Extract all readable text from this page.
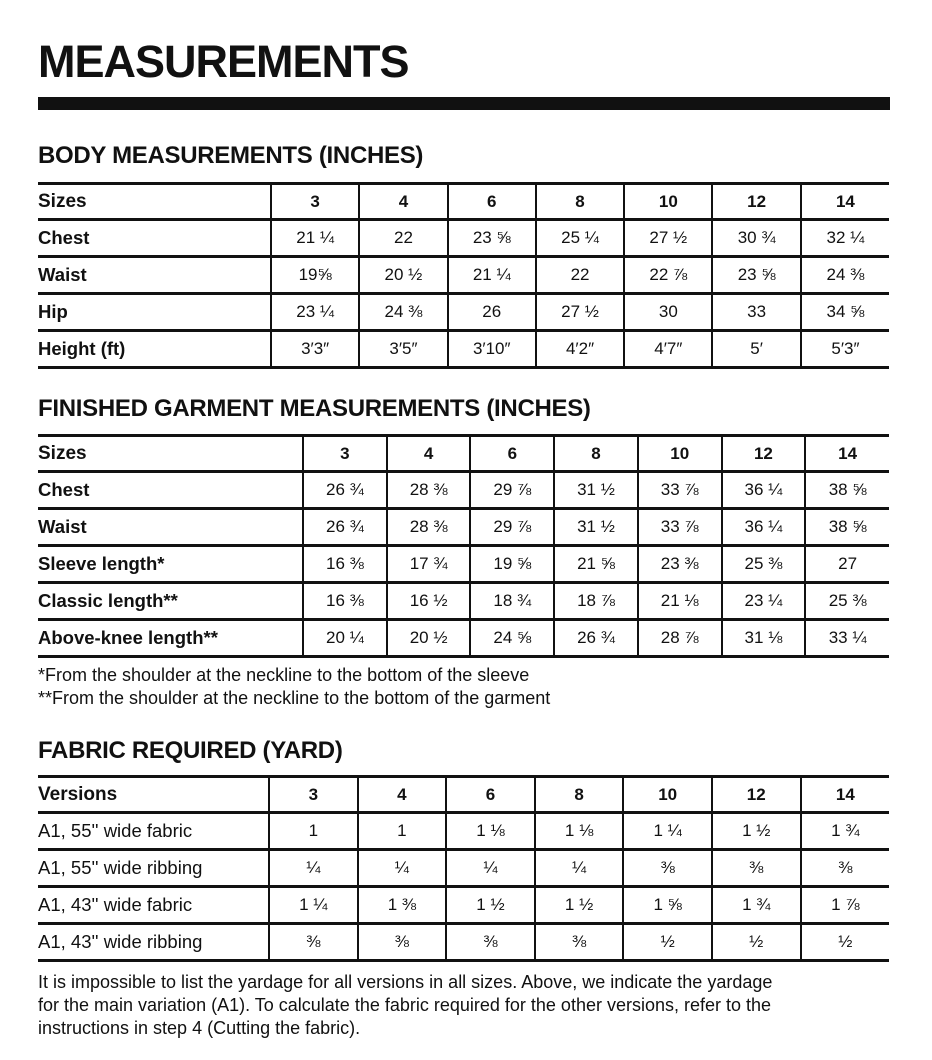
MEASUREMENTS
BODY MEASUREMENTS (INCHES)
Sizes	3	4	6	8	10	12	14
Chest	21 ¼	22	23 ⅝	25 ¼	27 ½	30 ¾	32 ¼
Waist	19⅝	20 ½	21 ¼	22	22 ⅞	23 ⅝	24 ⅜
Hip	23 ¼	24 ⅜	26	27 ½	30	33	34 ⅝
Height (ft)	3′3″	3′5″	3′10″	4′2″	4′7″	5′	5′3″
FINISHED GARMENT MEASUREMENTS (INCHES)
Sizes	3	4	6	8	10	12	14
Chest	26 ¾	28 ⅜	29 ⅞	31 ½	33 ⅞	36 ¼	38 ⅝
Waist	26 ¾	28 ⅜	29 ⅞	31 ½	33 ⅞	36 ¼	38 ⅝
Sleeve length*	16 ⅜	17 ¾	19 ⅝	21 ⅝	23 ⅜	25 ⅜	27
Classic length**	16 ⅜	16 ½	18 ¾	18 ⅞	21 ⅛	23 ¼	25 ⅜
Above-knee length**	20 ¼	20 ½	24 ⅝	26 ¾	28 ⅞	31 ⅛	33 ¼

*From the shoulder at the neckline to the bottom of the sleeve

**From the shoulder at the neckline to the bottom of the garment

FABRIC REQUIRED (YARD)
Versions	3	4	6	8	10	12	14
A1, 55'' wide fabric	1	1	1 ⅛	1 ⅛	1 ¼	1 ½	1 ¾
A1, 55'' wide ribbing	¼	¼	¼	¼	⅜	⅜	⅜
A1, 43'' wide fabric	1 ¼	1 ⅜	1 ½	1 ½	1 ⅝	1 ¾	1 ⅞
A1, 43'' wide ribbing	⅜	⅜	⅜	⅜	½	½	½

It is impossible to list the yardage for all versions in all sizes. Above, we indicate the yardage

for the main variation (A1). To calculate the fabric required for the other versions, refer to the

instructions in step 4 (Cutting the fabric).
